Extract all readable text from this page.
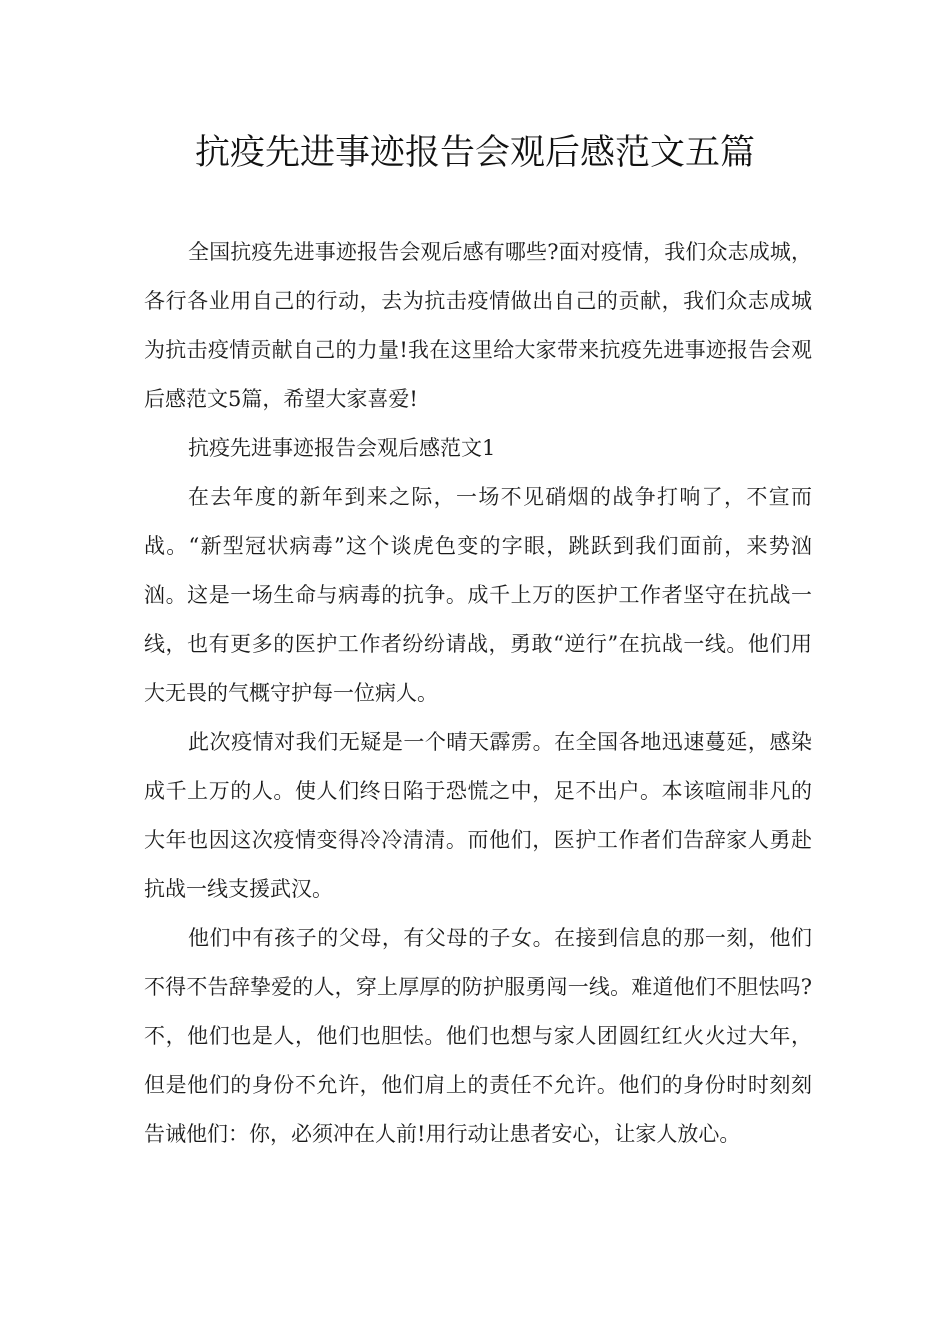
抗疫先进事迹报告会观后感范文五篇

全国抗疫先进事迹报告会观后感有哪些?面对疫情，我们众志成城，各行各业用自己的行动，去为抗击疫情做出自己的贡献，我们众志成城为抗击疫情贡献自己的力量!我在这里给大家带来抗疫先进事迹报告会观后感范文5篇，希望大家喜爱!

抗疫先进事迹报告会观后感范文1

在去年度的新年到来之际，一场不见硝烟的战争打响了，不宣而战。“新型冠状病毒”这个谈虎色变的字眼，跳跃到我们面前，来势汹汹。这是一场生命与病毒的抗争。成千上万的医护工作者坚守在抗战一线，也有更多的医护工作者纷纷请战，勇敢“逆行”在抗战一线。他们用大无畏的气概守护每一位病人。

此次疫情对我们无疑是一个晴天霹雳。在全国各地迅速蔓延，感染成千上万的人。使人们终日陷于恐慌之中，足不出户。本该喧闹非凡的大年也因这次疫情变得冷冷清清。而他们，医护工作者们告辞家人勇赴抗战一线支援武汉。

他们中有孩子的父母，有父母的子女。在接到信息的那一刻，他们不得不告辞挚爱的人，穿上厚厚的防护服勇闯一线。难道他们不胆怯吗?不，他们也是人，他们也胆怯。他们也想与家人团圆红红火火过大年，但是他们的身份不允许，他们肩上的责任不允许。他们的身份时时刻刻告诫他们：你，必须冲在人前!用行动让患者安心，让家人放心。
